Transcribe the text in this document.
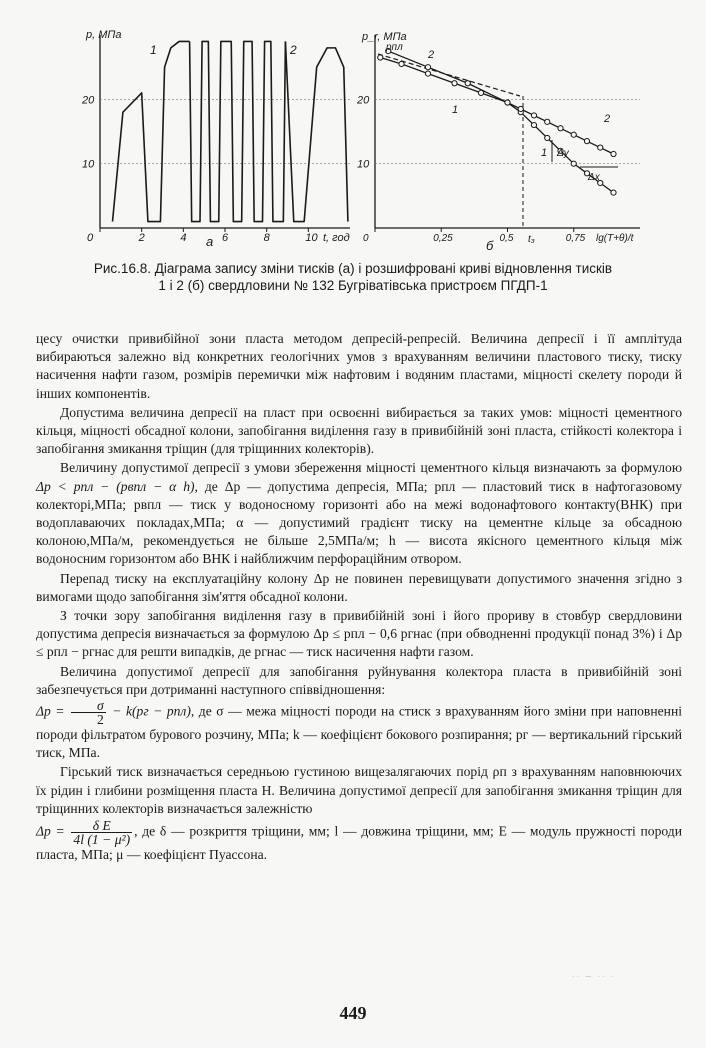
10
20
0	2	4	6	8	10
p, МПа
t, год
a
1	2
10
20
0	0,25	0,5	0,75
pпл
2
1
2
1 Δy
Δx
p_r, МПа
lg(T+θ)/t
t₃
б
Рис.16.8. Діаграма запису зміни тисків (а) і розшифровані криві відновлення тисків
1 і 2 (б) свердловини № 132 Бугріватівська пристроєм ПГДП-1

цесу очистки привибійної зони пласта методом депресій-репресій. Величина депресії і її амплітуда вибираються залежно від конкретних геологічних умов з врахуванням величини пластового тиску, тиску насичення нафти газом, розмірів перемички між нафтовим і водяним пластами, міцності скелету породи й інших компонентів.

Допустима величина депресії на пласт при освоєнні вибирається за таких умов: міцності цементного кільця, міцності обсадної колони, запобігання виділення газу в привибійній зоні пласта, стійкості колектора і запобігання змикання тріщин (для тріщинних колекторів).

Величину допустимої депресії з умови збереження міцності цементного кільця визначають за формулою Δp < pпл − (pвпл − α h), де Δp — допустима депресія, МПа; pпл — пластовий тиск в нафтогазовому колекторі,МПа; pвпл — тиск у водоносному горизонті або на межі водонафтового контакту(ВНК) при водоплаваючих покладах,МПа; α — допустимий градієнт тиску на цементне кільце за обсадною колоною,МПа/м, рекомендується не більше 2,5МПа/м; h — висота якісного цементного кільця між водоносним горизонтом або ВНК і найближчим перфораційним отвором.

Перепад тиску на експлуатаційну колону Δp не повинен перевищувати допустимого значення згідно з вимогами щодо запобігання зім'яття обсадної колони.

З точки зору запобігання виділення газу в привибійній зоні і його прориву в стовбур свердловини допустима депресія визначається за формулою Δp ≤ pпл − 0,6 pгнас (при обводненні продукції понад 3%) і Δp ≤ pпл − pгнас для решти випадків, де pгнас — тиск насичення нафти газом.

Величина допустимої депресії для запобігання руйнування колектора пласта в привибійній зоні забезпечується при дотриманні наступного співвідношення:
$\Delta p = \frac{\sigma}{2} - k(pг - pпл)$, де σ — межа міцності породи на стиск з врахуванням його зміни при наповненні породи фільтратом бурового розчину, МПа; k — коефіцієнт бокового розпирання; pг — вертикальний гірський тиск, МПа.

Гірський тиск визначається середньою густиною вищезалягаючих порід ρп з врахуванням наповнюючих їх рідин і глибини розміщення пласта H. Величина допустимої депресії для запобігання змикання тріщин для тріщинних колекторів визначається залежністю

$\Delta p = \frac{\text{δ E}}{\text{4l (1 − μ²)}}$ , де δ — розкриття тріщини, мм; l — довжина тріщини, мм; E — модуль пружності породи пласта, МПа; μ — коефіцієнт Пуассона.

449
·· ─ ·· ·
